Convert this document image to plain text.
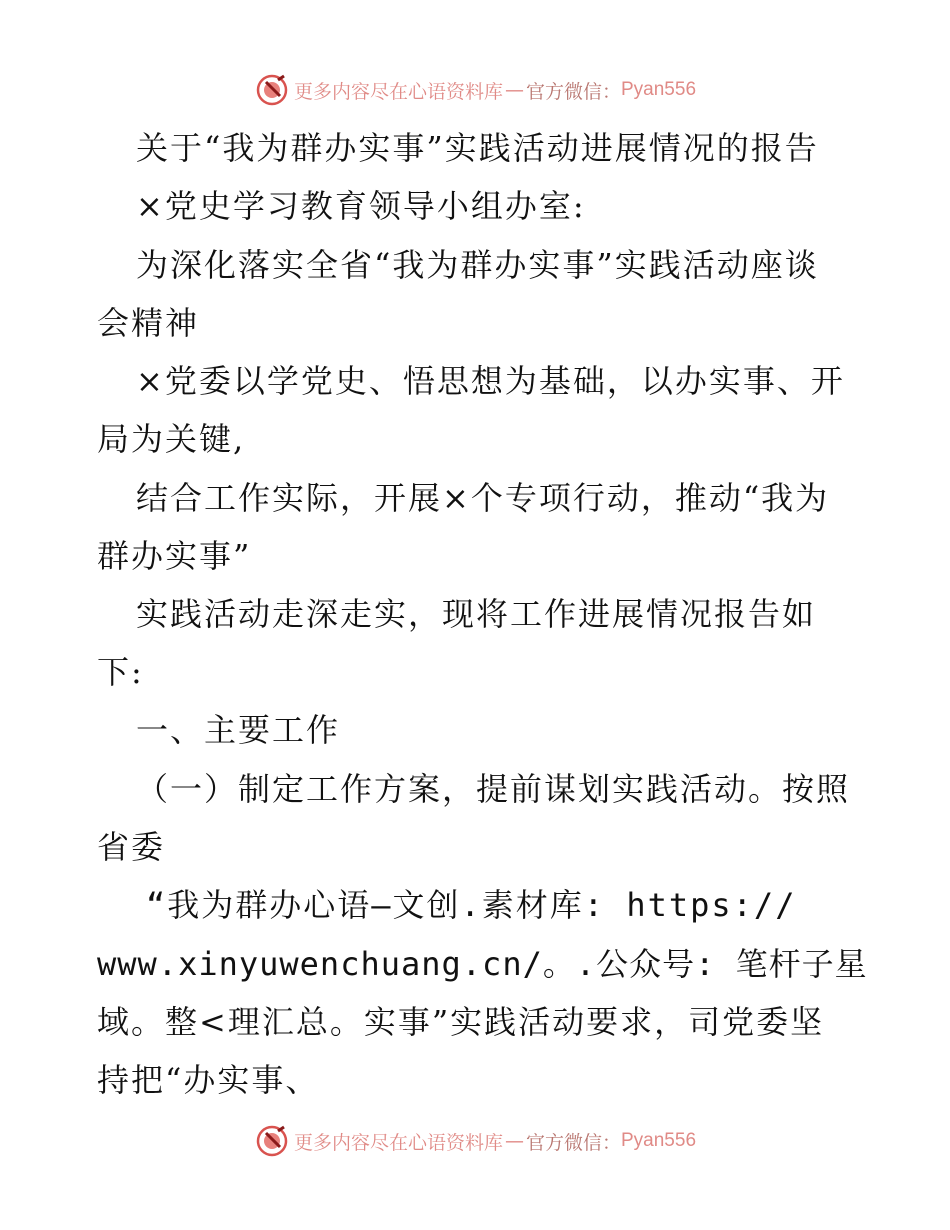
更多内容尽在心语资料库 — 官方微信： Pyan556
关于“我为群办实事”实践活动进展情况的报告
×党史学习教育领导小组办室:
为深化落实全省“我为群办实事”实践活动座谈
会精神
×党委以学党史、悟思想为基础，以办实事、开
局为关键,
结合工作实际，开展×个专项行动，推动“我为
群办实事”
实践活动走深走实，现将工作进展情况报告如
下:
一、主要工作
（一）制定工作方案，提前谋划实践活动。按照
省委
“我为群办心语—文创.素材库: https://
www.xinyuwenchuang.cn/。.公众号: 笔杆子星
域。整<理汇总。实事”实践活动要求，司党委坚
持把“办实事、
更多内容尽在心语资料库 — 官方微信： Pyan556
